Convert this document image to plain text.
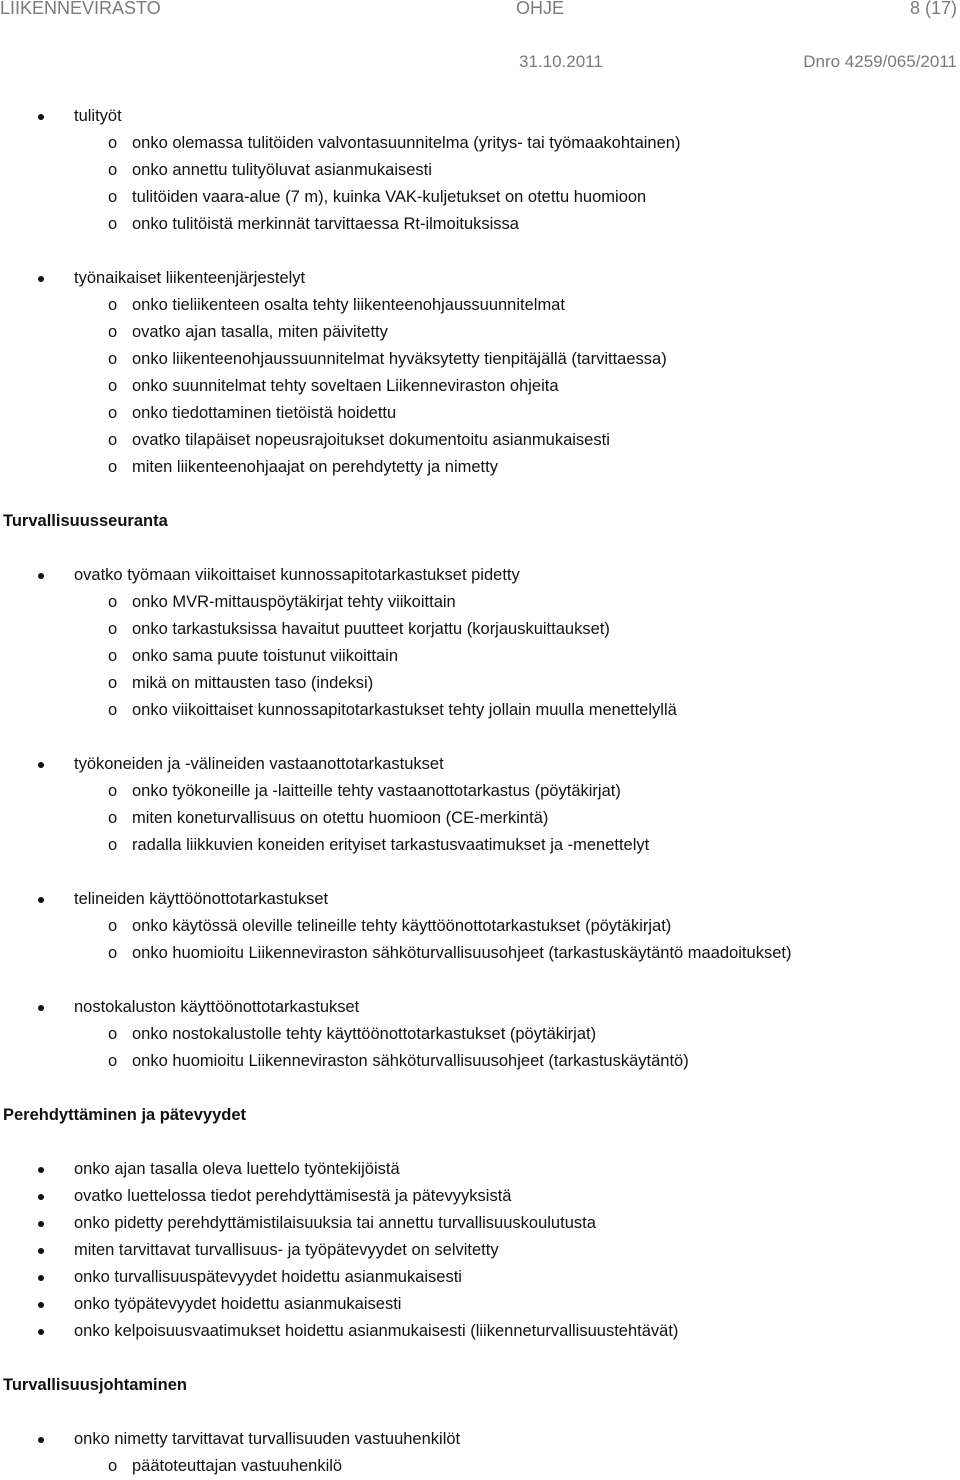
LIIKENNEVIRASTO	OHJE	8 (17)
31.10.2011	Dnro 4259/065/2011
tulityöt
o onko olemassa tulitöiden valvontasuunnitelma (yritys- tai työmaakohtainen)
o onko annettu tulityöluvat asianmukaisesti
o tulitöiden vaara-alue (7 m), kuinka VAK-kuljetukset on otettu huomioon
o onko tulitöistä merkinnät tarvittaessa Rt-ilmoituksissa
työnaikaiset liikenteenjärjestelyt
o onko tieliikenteen osalta tehty liikenteenohjaussuunnitelmat
o ovatko ajan tasalla, miten päivitetty
o onko liikenteenohjaussuunnitelmat hyväksytetty tienpitäjällä (tarvittaessa)
o onko suunnitelmat tehty soveltaen Liikenneviraston ohjeita
o onko tiedottaminen tietöistä hoidettu
o ovatko tilapäiset nopeusrajoitukset dokumentoitu asianmukaisesti
o miten liikenteenohjaajat on perehdytetty ja nimetty
Turvallisuusseuranta
ovatko työmaan viikoittaiset kunnossapitotarkastukset pidetty
o onko MVR-mittauspöytäkirjat tehty viikoittain
o onko tarkastuksissa havaitut puutteet korjattu (korjauskuittaukset)
o onko sama puute toistunut viikoittain
o mikä on mittausten taso (indeksi)
o onko viikoittaiset kunnossapitotarkastukset tehty jollain muulla menettelyllä
työkoneiden ja -välineiden vastaanottotarkastukset
o onko työkoneille ja -laitteille tehty vastaanottotarkastus (pöytäkirjat)
o miten koneturvallisuus on otettu huomioon (CE-merkintä)
o radalla liikkuvien koneiden erityiset tarkastusvaatimukset ja -menettelyt
telineiden käyttöönottotarkastukset
o onko käytössä oleville telineille tehty käyttöönottotarkastukset (pöytäkirjat)
o onko huomioitu Liikenneviraston sähköturvallisuusohjeet (tarkastuskäytäntö maadoitukset)
nostokaluston käyttöönottotarkastukset
o onko nostokalustolle tehty käyttöönottotarkastukset (pöytäkirjat)
o onko huomioitu Liikenneviraston sähköturvallisuusohjeet (tarkastuskäytäntö)
Perehdyttäminen ja pätevyydet
onko ajan tasalla oleva luettelo työntekijöistä
ovatko luettelossa tiedot perehdyttämisestä ja pätevyyksistä
onko pidetty perehdyttämistilaisuuksia tai annettu turvallisuuskoulutusta
miten tarvittavat turvallisuus- ja työpätevyydet on selvitetty
onko turvallisuuspätevyydet hoidettu asianmukaisesti
onko työpätevyydet hoidettu asianmukaisesti
onko kelpoisuusvaatimukset hoidettu asianmukaisesti (liikenneturvallisuustehtävät)
Turvallisuusjohtaminen
onko nimetty tarvittavat turvallisuuden vastuuhenkilöt
o päätoteuttajan vastuuhenkilö
